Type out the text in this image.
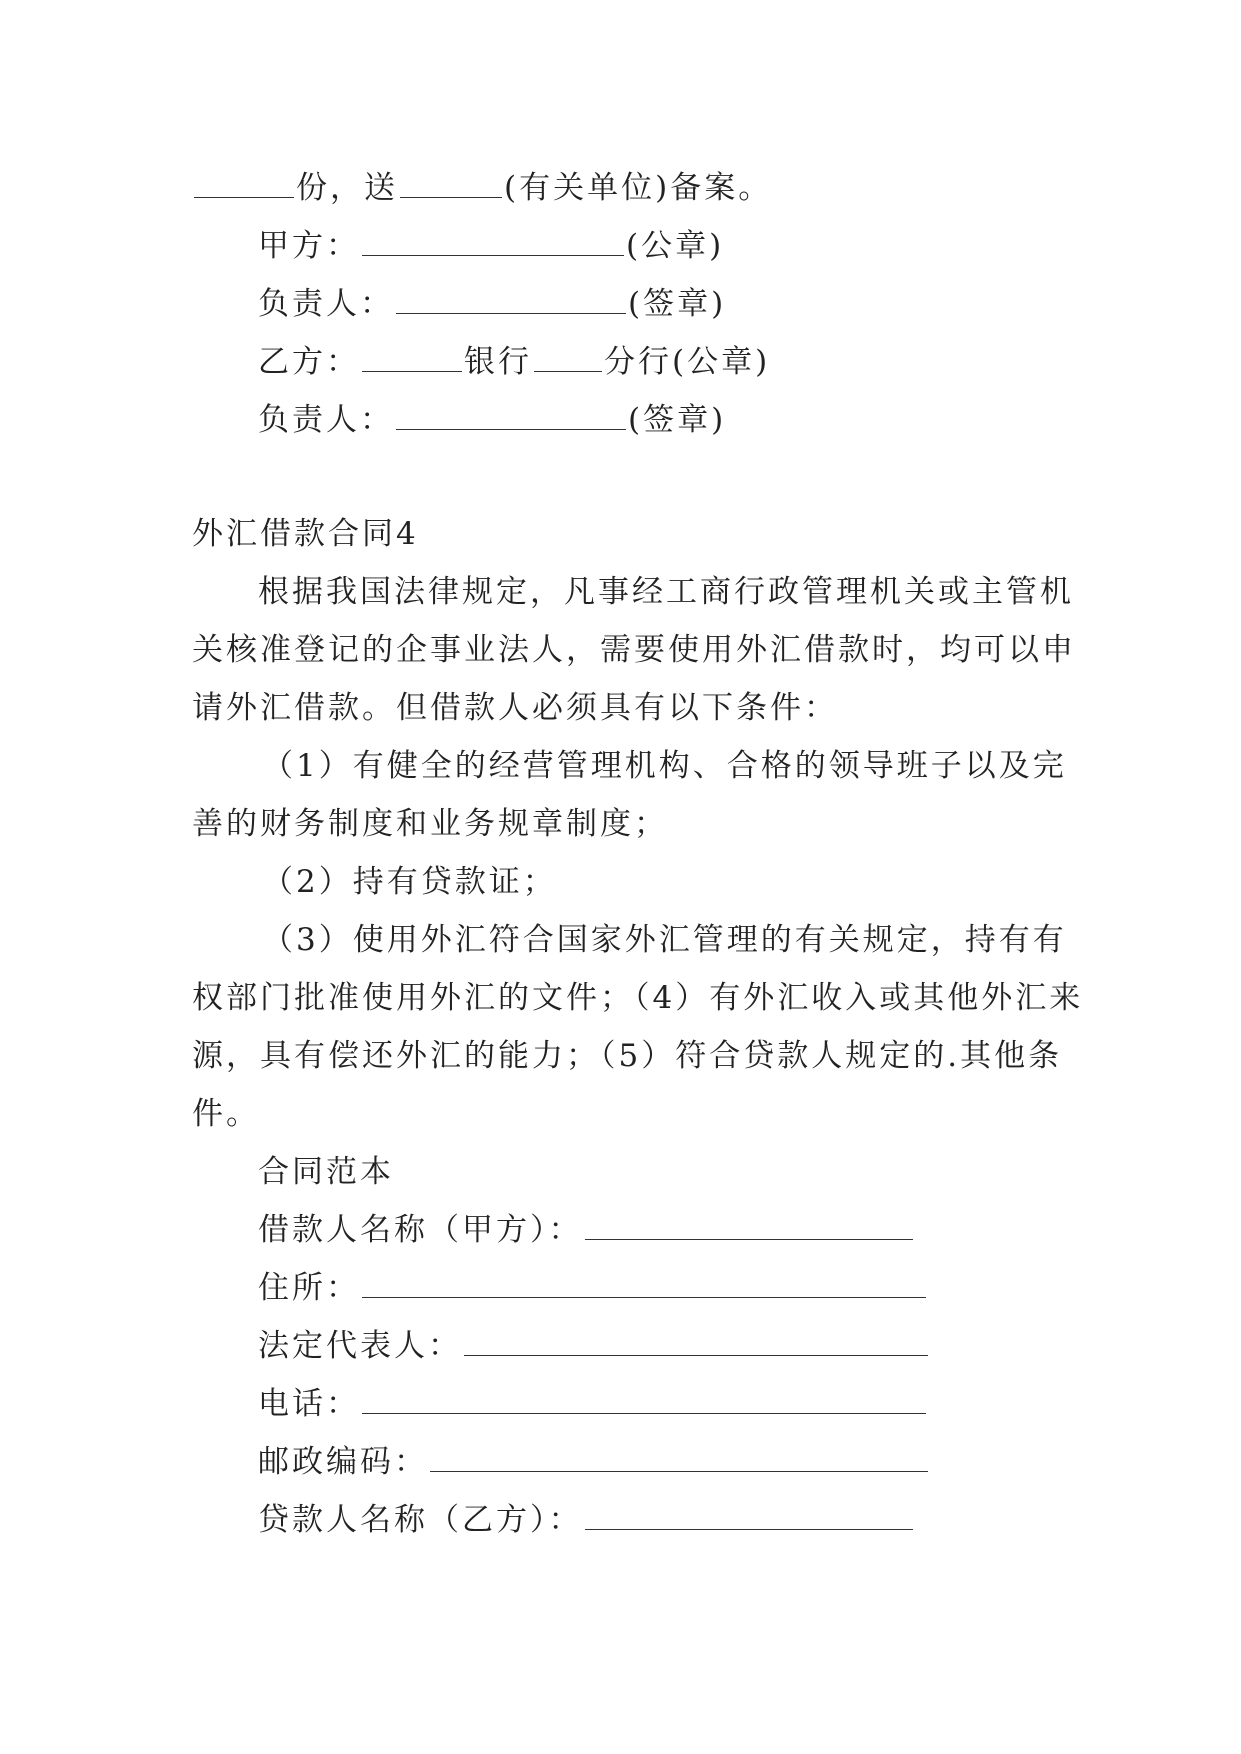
份，送	(有关单位)备案。
甲方：	(公章)
负责人：	(签章)
乙方：	银行 分行(公章)
负责人：	(签章)
外汇借款合同4
根据我国法律规定，凡事经工商行政管理机关或主管机
关核准登记的企事业法人，需要使用外汇借款时，均可以申
请外汇借款。但借款人必须具有以下条件：
（1）有健全的经营管理机构、合格的领导班子以及完
善的财务制度和业务规章制度；
（2）持有贷款证；
（3）使用外汇符合国家外汇管理的有关规定，持有有
权部门批准使用外汇的文件；（4）有外汇收入或其他外汇来
源，具有偿还外汇的能力；（5）符合贷款人规定的.其他条
件。
合同范本
借款人名称（甲方）：
住所：
法定代表人：
电话：
邮政编码：
贷款人名称（乙方）：
